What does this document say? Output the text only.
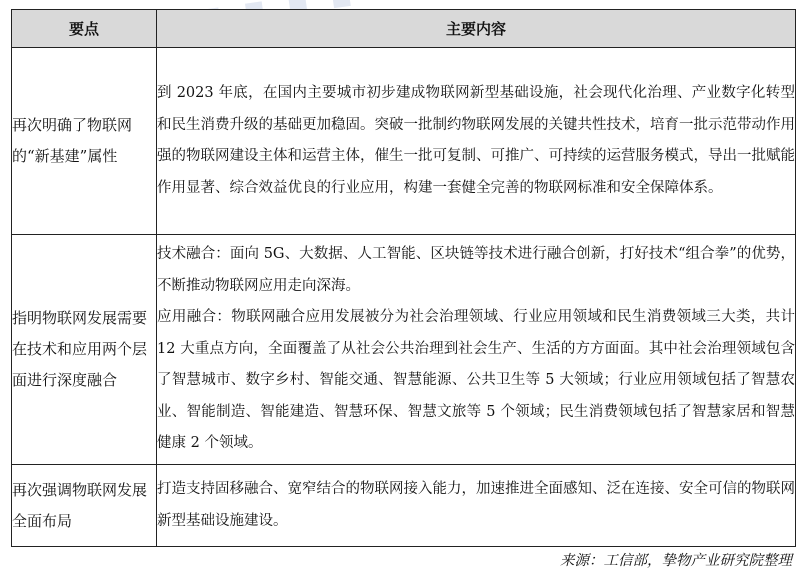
要点	主要内容
再次明确了物联网的“新基建”属性	到 2023 年底，在国内主要城市初步建成物联网新型基础设施，社会现代化治理、产业数字化转型和民生消费升级的基础更加稳固。突破一批制约物联网发展的关键共性技术，培育一批示范带动作用强的物联网建设主体和运营主体，催生一批可复制、可推广、可持续的运营服务模式，导出一批赋能作用显著、综合效益优良的行业应用，构建一套健全完善的物联网标准和安全保障体系。

指明物联网发展需要在技术和应用两个层面进行深度融合	技术融合：面向 5G、大数据、人工智能、区块链等技术进行融合创新，打好技术“组合拳”的优势，不断推动物联网应用走向深海。

应用融合：物联网融合应用发展被分为社会治理领域、行业应用领域和民生消费领域三大类，共计 12 大重点方向，全面覆盖了从社会公共治理到社会生产、生活的方方面面。其中社会治理领域包含了智慧城市、数字乡村、智能交通、智慧能源、公共卫生等 5 大领域；行业应用领域包括了智慧农业、智能制造、智能建造、智慧环保、智慧文旅等 5 个领域；民生消费领域包括了智慧家居和智慧健康 2 个领域。

再次强调物联网发展全面布局	打造支持固移融合、宽窄结合的物联网接入能力，加速推进全面感知、泛在连接、安全可信的物联网新型基础设施建设。

来源：工信部，挚物产业研究院整理
